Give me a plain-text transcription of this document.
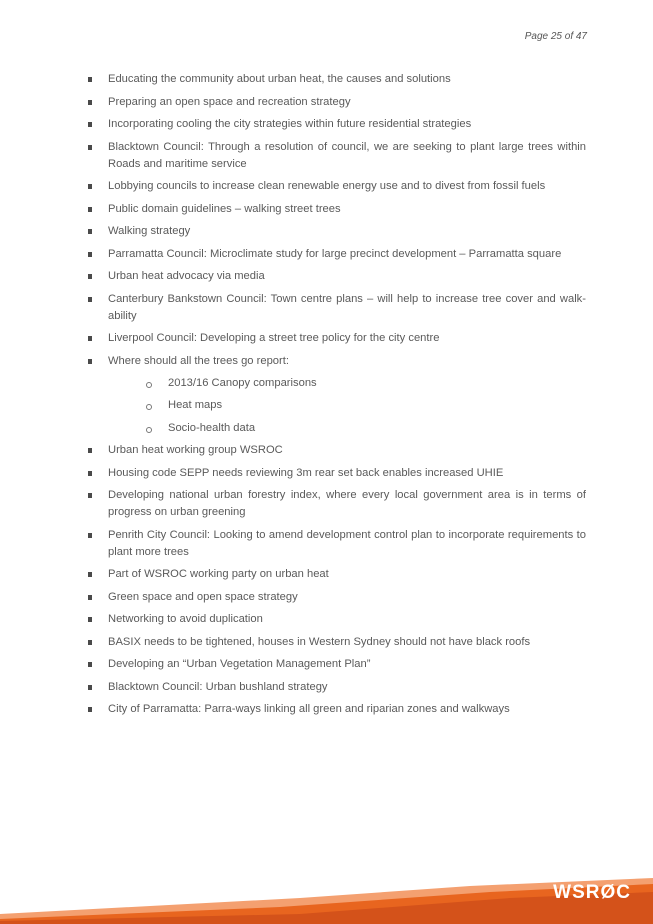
Page 25 of 47
Educating the community about urban heat, the causes and solutions
Preparing an open space and recreation strategy
Incorporating cooling the city strategies within future residential strategies
Blacktown Council: Through a resolution of council, we are seeking to plant large trees within Roads and maritime service
Lobbying councils to increase clean renewable energy use and to divest from fossil fuels
Public domain guidelines – walking street trees
Walking strategy
Parramatta Council: Microclimate study for large precinct development – Parramatta square
Urban heat advocacy via media
Canterbury Bankstown Council: Town centre plans – will help to increase tree cover and walk-ability
Liverpool Council: Developing a street tree policy for the city centre
Where should all the trees go report:
2013/16 Canopy comparisons
Heat maps
Socio-health data
Urban heat working group WSROC
Housing code SEPP needs reviewing 3m rear set back enables increased UHIE
Developing national urban forestry index, where every local government area is in terms of progress on urban greening
Penrith City Council: Looking to amend development control plan to incorporate requirements to plant more trees
Part of WSROC working party on urban heat
Green space and open space strategy
Networking to avoid duplication
BASIX needs to be tightened, houses in Western Sydney should not have black roofs
Developing an “Urban Vegetation Management Plan”
Blacktown Council: Urban bushland strategy
City of Parramatta: Parra-ways linking all green and riparian zones and walkways
WSRØC
